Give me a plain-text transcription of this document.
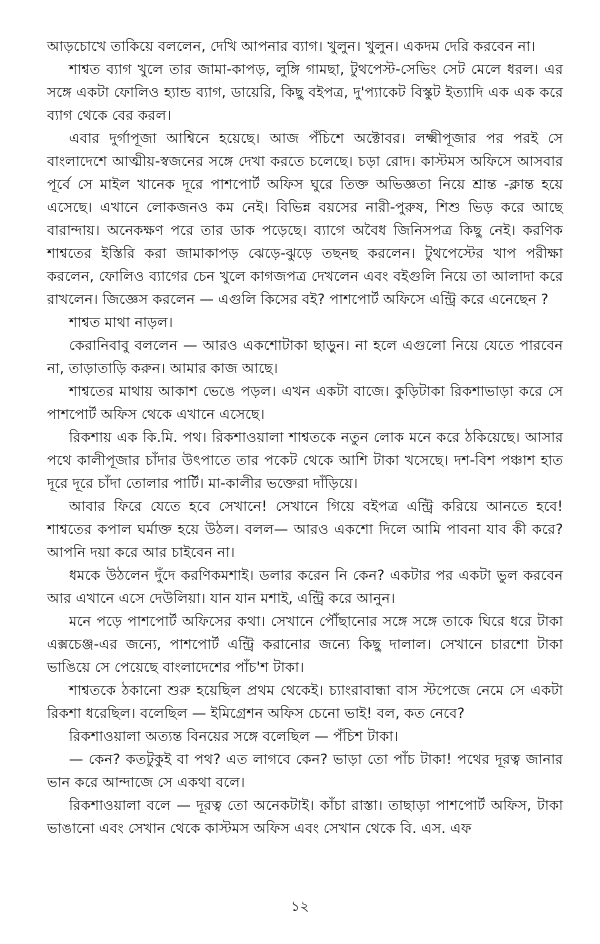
আড়চোখে তাকিয়ে বললেন, দেখি আপনার ব্যাগ। খুলুন। খুলুন। একদম দেরি করবেন না।

শাশ্বত ব্যাগ খুলে তার জামা-কাপড়, লুঙ্গি গামছা, টুথপেস্ট-সেভিং সেট মেলে ধরল। এর সঙ্গে একটা ফোলিও হ্যান্ড ব্যাগ, ডায়েরি, কিছু বইপত্র, দু'প্যাকেট বিস্কুট ইত্যাদি এক এক করে ব্যাগ থেকে বের করল।

এবার দুর্গাপূজা আশ্বিনে হয়েছে। আজ পঁচিশে অক্টোবর। লক্ষ্মীপূজার পর পরই সে বাংলাদেশে আত্মীয়-স্বজনের সঙ্গে দেখা করতে চলেছে। চড়া রোদ। কাস্টমস অফিসে আসবার পূর্বে সে মাইল খানেক দূরে পাশপোর্ট অফিস ঘুরে তিক্ত অভিজ্ঞতা নিয়ে শ্রান্ত -ক্লান্ত হয়ে এসেছে। এখানে লোকজনও কম নেই। বিভিন্ন বয়সের নারী-পুরুষ, শিশু ভিড় করে আছে বারান্দায়। অনেকক্ষণ পরে তার ডাক পড়েছে। ব্যাগে অবৈধ জিনিসপত্র কিছু নেই। করণিক শাশ্বতের ইস্তিরি করা জামাকাপড় ঝেড়ে-ঝুড়ে তছনছ করলেন। টুথপেস্টের খাপ পরীক্ষা করলেন, ফোলিও ব্যাগের চেন খুলে কাগজপত্র দেখলেন এবং বইগুলি নিয়ে তা আলাদা করে রাখলেন। জিজ্ঞেস করলেন — এগুলি কিসের বই? পাশপোর্ট অফিসে এন্ট্রি করে এনেছেন ?

শাশ্বত মাথা নাড়ল।

কেরানিবাবু বললেন — আরও একশোটাকা ছাড়ুন। না হলে এগুলো নিয়ে যেতে পারবেন না, তাড়াতাড়ি করুন। আমার কাজ আছে।

শাশ্বতের মাথায় আকাশ ভেঙে পড়ল। এখন একটা বাজে। কুড়িটাকা রিকশাভাড়া করে সে পাশপোর্ট অফিস থেকে এখানে এসেছে।

রিকশায় এক কি.মি. পথ। রিকশাওয়ালা শাশ্বতকে নতুন লোক মনে করে ঠকিয়েছে। আসার পথে কালীপূজার চাঁদার উৎপাতে তার পকেট থেকে আশি টাকা খসেছে। দশ-বিশ পঞ্চাশ হাত দূরে দূরে চাঁদা তোলার পার্টি। মা-কালীর ভক্তেরা দাঁড়িয়ে।

আবার ফিরে যেতে হবে সেখানে! সেখানে গিয়ে বইপত্র এন্ট্রি করিয়ে আনতে হবে! শাশ্বতের কপাল ঘর্মাক্ত হয়ে উঠল। বলল— আরও একশো দিলে আমি পাবনা যাব কী করে? আপনি দয়া করে আর চাইবেন না।

ধমকে উঠলেন দুঁদে করণিকমশাই। ডলার করেন নি কেন? একটার পর একটা ভুল করবেন আর এখানে এসে দেউলিয়া। যান যান মশাই, এন্ট্রি করে আনুন।

মনে পড়ে পাশপোর্ট অফিসের কথা। সেখানে পৌঁছানোর সঙ্গে সঙ্গে তাকে ঘিরে ধরে টাকা এক্সচেঞ্জ-এর জন্যে, পাশপোর্ট এন্ট্রি করানোর জন্যে কিছু দালাল। সেখানে চারশো টাকা ভাঙিয়ে সে পেয়েছে বাংলাদেশের পাঁচ'শ টাকা।

শাশ্বতকে ঠকানো শুরু হয়েছিল প্রথম থেকেই। চ্যাংরাবান্ধা বাস স্টপেজে নেমে সে একটা রিকশা ধরেছিল। বলেছিল — ইমিগ্রেশন অফিস চেনো ভাই! বল, কত নেবে?

রিকশাওয়ালা অত্যন্ত বিনয়ের সঙ্গে বলেছিল — পঁচিশ টাকা।

— কেন? কতটুকুই বা পথ? এত লাগবে কেন? ভাড়া তো পাঁচ টাকা! পথের দূরত্ব জানার ভান করে আন্দাজে সে একথা বলে।

রিকশাওয়ালা বলে — দূরত্ব তো অনেকটাই। কাঁচা রাস্তা। তাছাড়া পাশপোর্ট অফিস, টাকা ভাঙানো এবং সেখান থেকে কাস্টমস অফিস এবং সেখান থেকে বি. এস. এফ

১২
